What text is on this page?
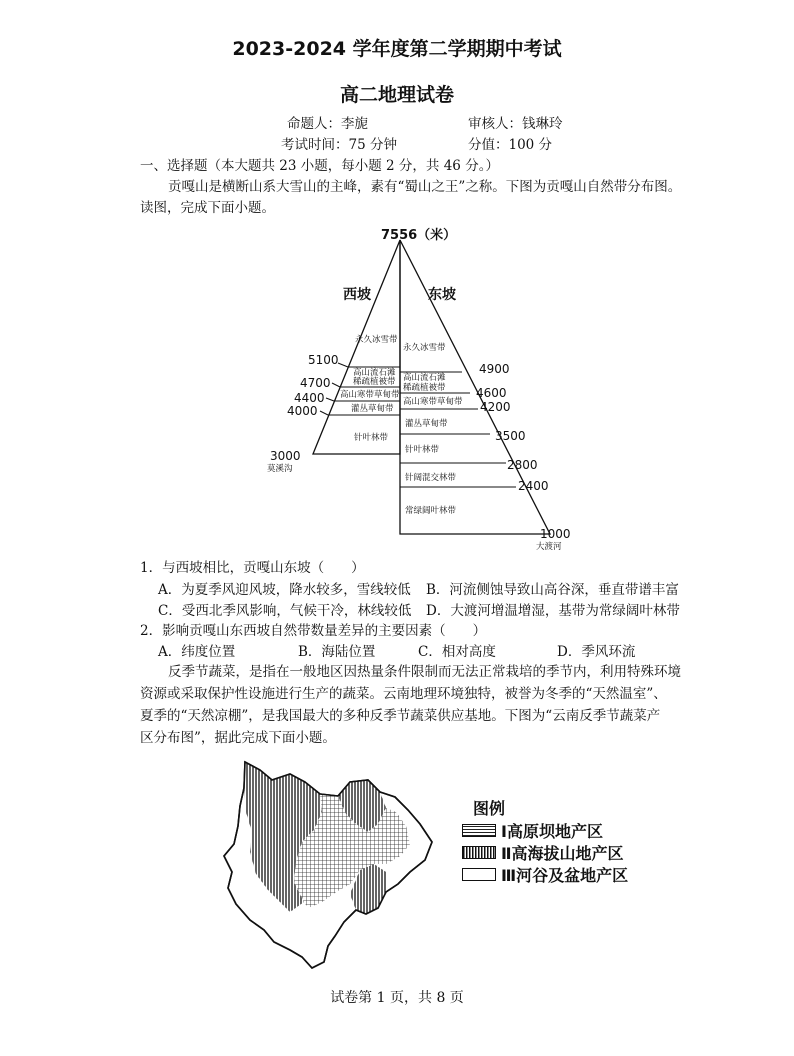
2023-2024 学年度第二学期期中考试
高二地理试卷
命题人：李旎	审核人：钱琳玲
考试时间：75 分钟	分值：100 分
一、选择题（本大题共 23 小题，每小题 2 分，共 46 分。）
贡嘎山是横断山系大雪山的主峰，素有“蜀山之王”之称。下图为贡嘎山自然带分布图。
读图，完成下面小题。
7556（米）
西坡	东坡
永久冰雪带
高山流石滩
稀疏植被带
高山寒带草甸带
灌丛草甸带
针叶林带
永久冰雪带
高山流石滩
稀疏植被带
高山寒带草甸带
灌丛草甸带
针叶林带
针阔混交林带
常绿阔叶林带
5100
4700
4400
4000
3000
4900
4600
4200
3500
2800
2400
1000
莫溪沟
大渡河
1．与西坡相比，贡嘎山东坡（　　）
A．为夏季风迎风坡，降水较多，雪线较低 B．河流侧蚀导致山高谷深，垂直带谱丰富
C．受西北季风影响，气候干冷，林线较低 D．大渡河增温增湿，基带为常绿阔叶林带
2．影响贡嘎山东西坡自然带数量差异的主要因素（　　）
A．纬度位置	B．海陆位置	C．相对高度	D．季风环流
反季节蔬菜，是指在一般地区因热量条件限制而无法正常栽培的季节内，利用特殊环境
资源或采取保护性设施进行生产的蔬菜。云南地理环境独特，被誉为冬季的“天然温室”、
夏季的“天然凉棚”，是我国最大的多种反季节蔬菜供应基地。下图为“云南反季节蔬菜产
区分布图”，据此完成下面小题。
图例
Ⅰ高原坝地产区
Ⅱ高海拔山地产区
Ⅲ河谷及盆地产区
试卷第 1 页，共 8 页
